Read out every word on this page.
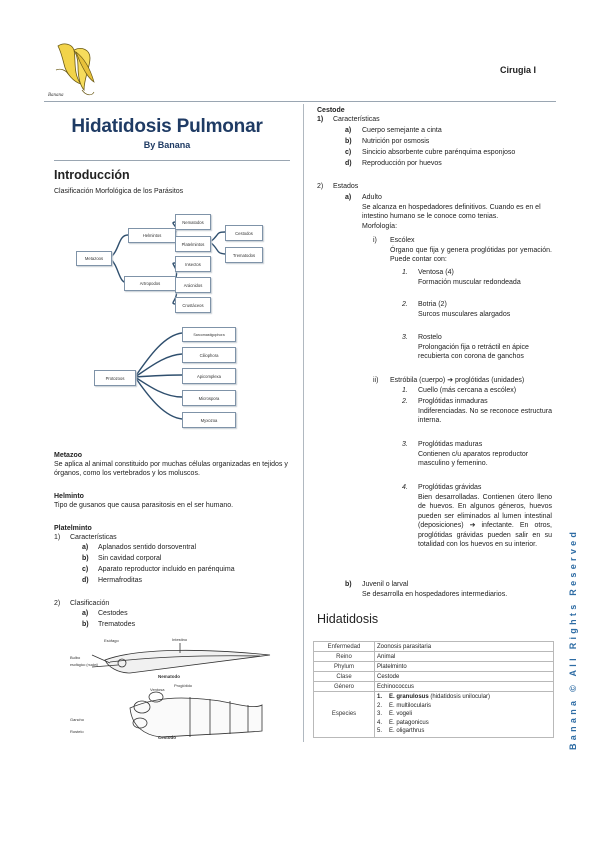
Banana
Cirugia I
Hidatidosis Pulmonar
By Banana
Introducción
Clasificación Morfológica de los Parásitos
Metazoos
Helmintos
Artropodos
Nematodos
Platelmintos
Cestodos
Trematodos
Insectos
Arácnidos
Crustáceos
Protozoos
Sarcomastigophora
Ciliophora
Apicomplexa
Microspora
Myxozoa
Metazoo
Se aplica al animal constituido por muchas células organizadas en tejidos y órganos, como los vertebrados y los moluscos.
Helminto
Tipo de gusanos que causa parasitosis en el ser humano.
Platelminto
1) Características
a) Aplanados sentido dorsoventral
b) Sin cavidad corporal
c) Aparato reproductor incluido en parénquima
d) Hermafroditas
2) Clasificación
a) Cestodes
b) Trematodes
Esófago	Intestino
Bulbo
esofágico (nuclei)
Nematodo
Ventosa
Proglótido
Gancho
Rostelo
Cestodo
Cestode
1) Características
a) Cuerpo semejante a cinta
b) Nutrición por osmosis
c) Sincicio absorbente cubre parénquima esponjoso
d) Reproducción por huevos
2) Estados
a) Adulto
Se alcanza en hospedadores definitivos. Cuando es en el intestino humano se le conoce como tenias.
Morfología:
i) Escólex
Órgano que fija y genera proglótidas por yemación. Puede contar con:
1. Ventosa (4)
Formación muscular redondeada
2. Botria (2)
Surcos musculares alargados
3. Rostelo
Prolongación fija o retráctil en ápice recubierta con corona de ganchos
ii) Estróbila (cuerpo) ➔ proglótidas (unidades)
1. Cuello (más cercana a escólex)
2. Proglótidas inmaduras
Indiferenciadas. No se reconoce estructura interna.
3. Proglótidas maduras
Contienen c/u aparatos reproductor masculino y femenino.
4. Proglótidas grávidas
Bien desarrolladas. Contienen útero lleno de huevos. En algunos géneros, huevos pueden ser eliminados al lumen intestinal (deposiciones) ➔ infectante. En otros, proglótidas grávidas pueden salir en su totalidad con los huevos en su interior.
b) Juvenil o larval
Se desarrolla en hospedadores intermediarios.
Hidatidosis
Enfermedad	Zoonosis parasitaria
Reino	Animal
Phylum	Platelminto
Clase	Cestode
Género	Echinococcus
Especies	1. E. granulosus (hidatidosis unilocular)
2. E. multilocularis
3. E. vogeli
4. E. patagonicus
5. E. oligarthrus	Banana © All Rights Reserved
